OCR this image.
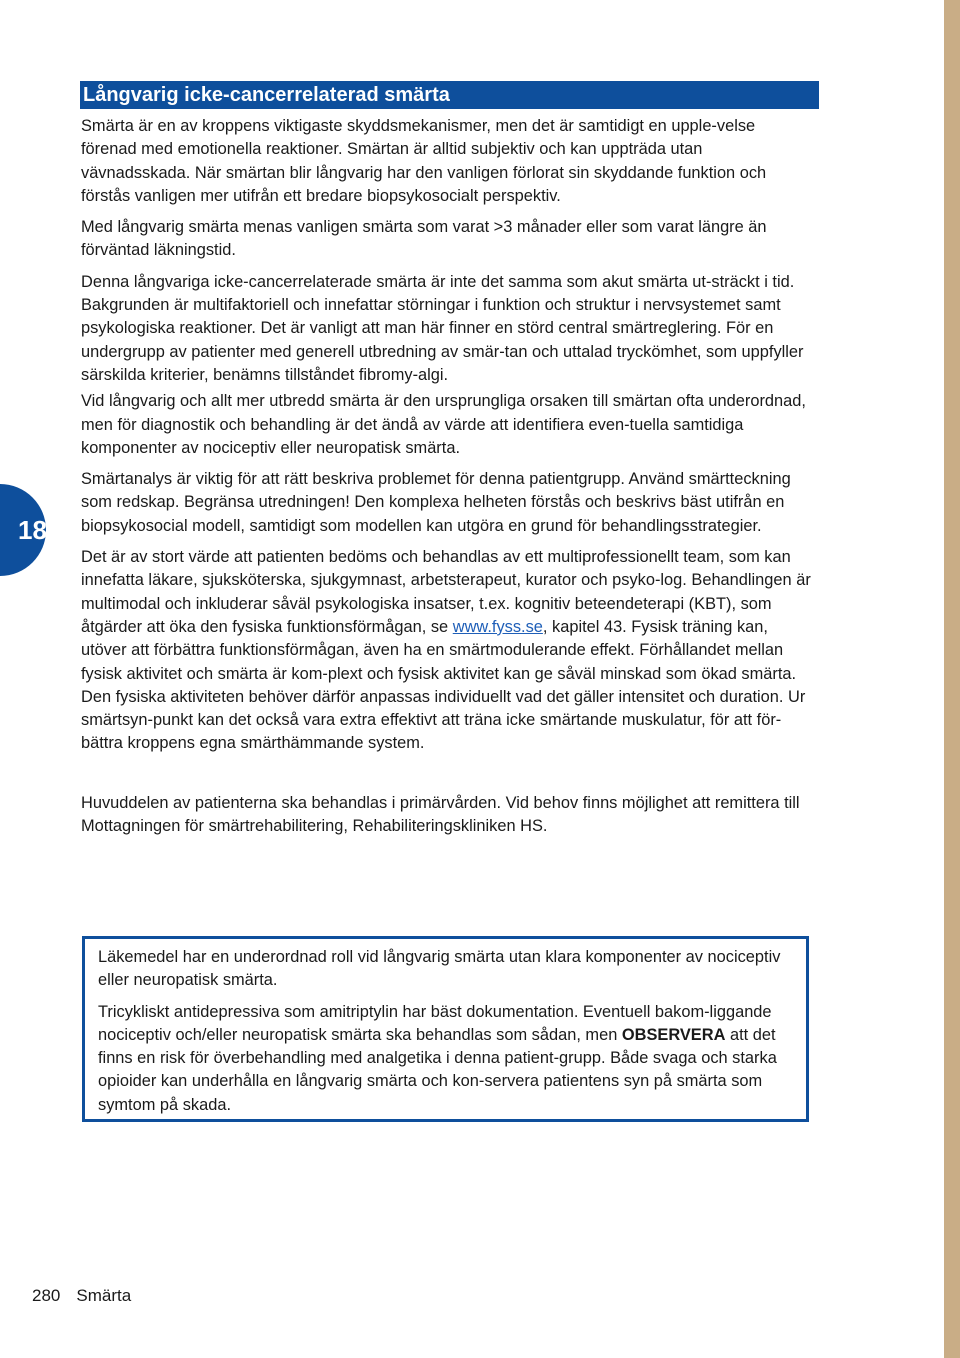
Långvarig icke-cancerrelaterad smärta
18

Smärta är en av kroppens viktigaste skyddsmekanismer, men det är samtidigt en upple-velse förenad med emotionella reaktioner. Smärtan är alltid subjektiv och kan uppträda utan vävnadsskada. När smärtan blir långvarig har den vanligen förlorat sin skyddande funktion och förstås vanligen mer utifrån ett bredare biopsykosocialt perspektiv.

Med långvarig smärta menas vanligen smärta som varat >3 månader eller som varat längre än förväntad läkningstid.

Denna långvariga icke-cancerrelaterade smärta är inte det samma som akut smärta ut-sträckt i tid. Bakgrunden är multifaktoriell och innefattar störningar i funktion och struktur i nervsystemet samt psykologiska reaktioner. Det är vanligt att man här finner en störd central smärtreglering. För en undergrupp av patienter med generell utbredning av smär-tan och uttalad tryckömhet, som uppfyller särskilda kriterier, benämns tillståndet fibromy-algi.

Vid långvarig och allt mer utbredd smärta är den ursprungliga orsaken till smärtan ofta underordnad, men för diagnostik och behandling är det ändå av värde att identifiera even-tuella samtidiga komponenter av nociceptiv eller neuropatisk smärta.

Smärtanalys är viktig för att rätt beskriva problemet för denna patientgrupp. Använd smärtteckning som redskap. Begränsa utredningen! Den komplexa helheten förstås och beskrivs bäst utifrån en biopsykosocial modell, samtidigt som modellen kan utgöra en grund för behandlingsstrategier.

Det är av stort värde att patienten bedöms och behandlas av ett multiprofessionellt team, som kan innefatta läkare, sjuksköterska, sjukgymnast, arbetsterapeut, kurator och psyko-log. Behandlingen är multimodal och inkluderar såväl psykologiska insatser, t.ex. kognitiv beteendeterapi (KBT), som åtgärder att öka den fysiska funktionsförmågan, se www.fyss.se, kapitel 43. Fysisk träning kan, utöver att förbättra funktionsförmågan, även ha en smärtmodulerande effekt. Förhållandet mellan fysisk aktivitet och smärta är kom-plext och fysisk aktivitet kan ge såväl minskad som ökad smärta. Den fysiska aktiviteten behöver därför anpassas individuellt vad det gäller intensitet och duration. Ur smärtsyn-punkt kan det också vara extra effektivt att träna icke smärtande muskulatur, för att för-bättra kroppens egna smärthämmande system.

Huvuddelen av patienterna ska behandlas i primärvården. Vid behov finns möjlighet att remittera till Mottagningen för smärtrehabilitering, Rehabiliteringskliniken HS.

Läkemedel har en underordnad roll vid långvarig smärta utan klara komponenter av nociceptiv eller neuropatisk smärta.

Tricykliskt antidepressiva som amitriptylin har bäst dokumentation. Eventuell bakom-liggande nociceptiv och/eller neuropatisk smärta ska behandlas som sådan, men OBSERVERA att det finns en risk för överbehandling med analgetika i denna patient-grupp. Både svaga och starka opioider kan underhålla en långvarig smärta och kon-servera patientens syn på smärta som symtom på skada.

280 Smärta
